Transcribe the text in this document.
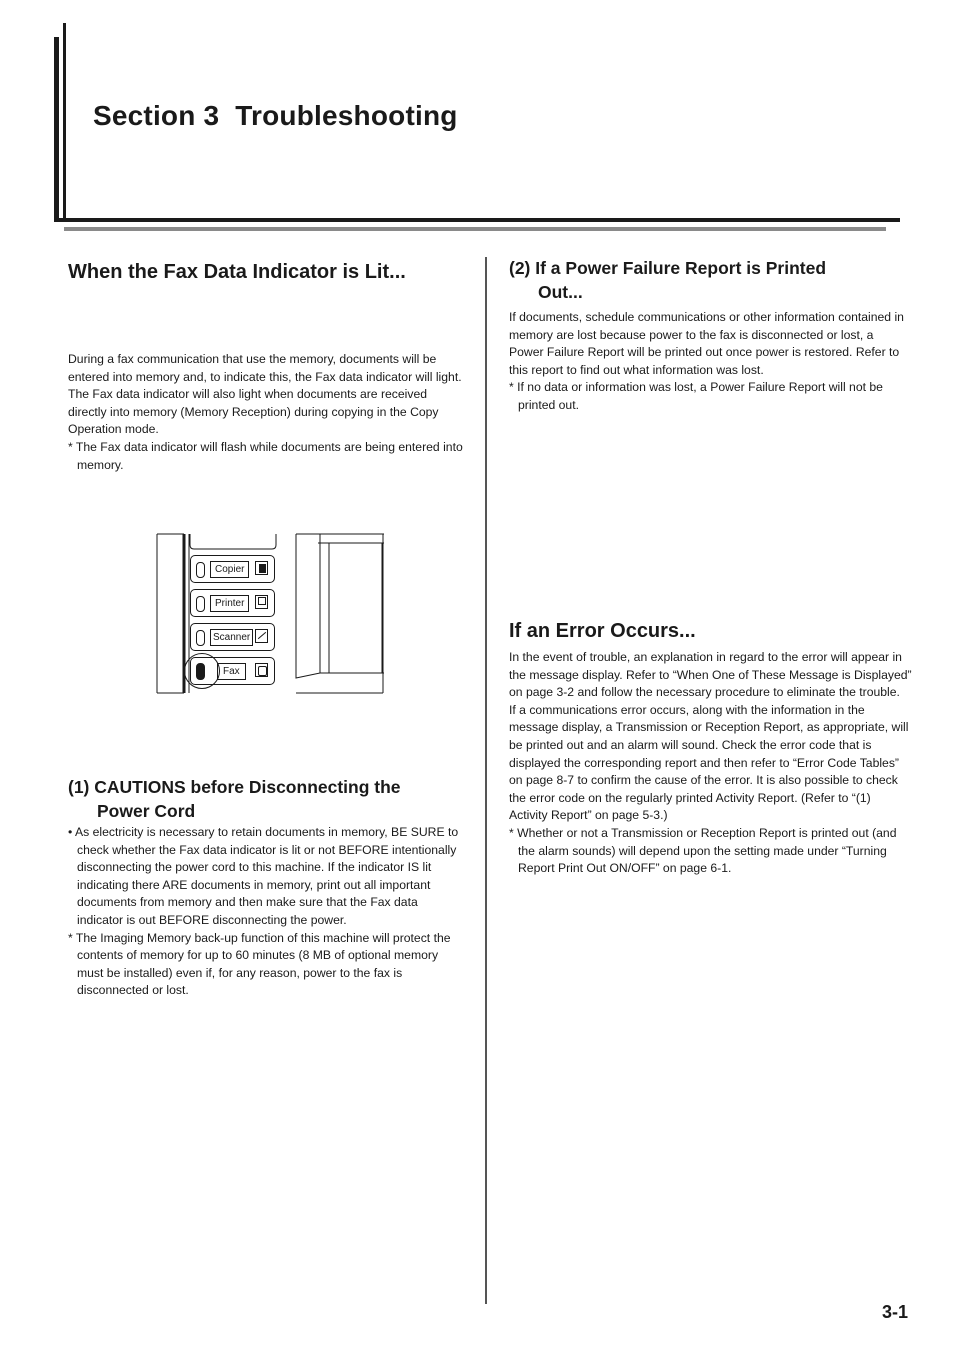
Section 3  Troubleshooting
When the Fax Data Indicator is Lit...

During a fax communication that use the memory, documents will be entered into memory and, to indicate this, the Fax data indicator will light. The Fax data indicator will also light when documents are received directly into memory (Memory Reception) during copying in the Copy Operation mode.

* The Fax data indicator will flash while documents are being entered into memory.

Copier
Printer
Scanner
Fax
(1) CAUTIONS before Disconnecting the
Power Cord

• As electricity is necessary to retain documents in memory, BE SURE to check whether the Fax data indicator is lit or not BEFORE intentionally disconnecting the power cord to this machine. If the indicator IS lit indicating there ARE documents in memory, print out all important documents from memory and then make sure that the Fax data indicator is out BEFORE disconnecting the power.

* The Imaging Memory back-up function of this machine will protect the contents of memory for up to 60 minutes (8 MB of optional memory must be installed) even if, for any reason, power to the fax is disconnected or lost.

(2) If a Power Failure Report is Printed
Out...

If documents, schedule communications or other information contained in memory are lost because power to the fax is disconnected or lost, a Power Failure Report will be printed out once power is restored. Refer to this report to find out what information was lost.

* If no data or information was lost, a Power Failure Report will not be printed out.

If an Error Occurs...

In the event of trouble, an explanation in regard to the error will appear in the message display. Refer to “When One of These Message is Displayed” on page 3-2 and follow the necessary procedure to eliminate the trouble.

If a communications error occurs, along with the information in the message display, a Transmission or Reception Report, as appropriate, will be printed out and an alarm will sound. Check the error code that is displayed the corresponding report and then refer to “Error Code Tables” on page 8-7 to confirm the cause of the error. It is also possible to check the error code on the regularly printed Activity Report. (Refer to “(1) Activity Report” on page 5-3.)

* Whether or not a Transmission or Reception Report is printed out (and the alarm sounds) will depend upon the setting made under “Turning Report Print Out ON/OFF” on page 6-1.

3-1
